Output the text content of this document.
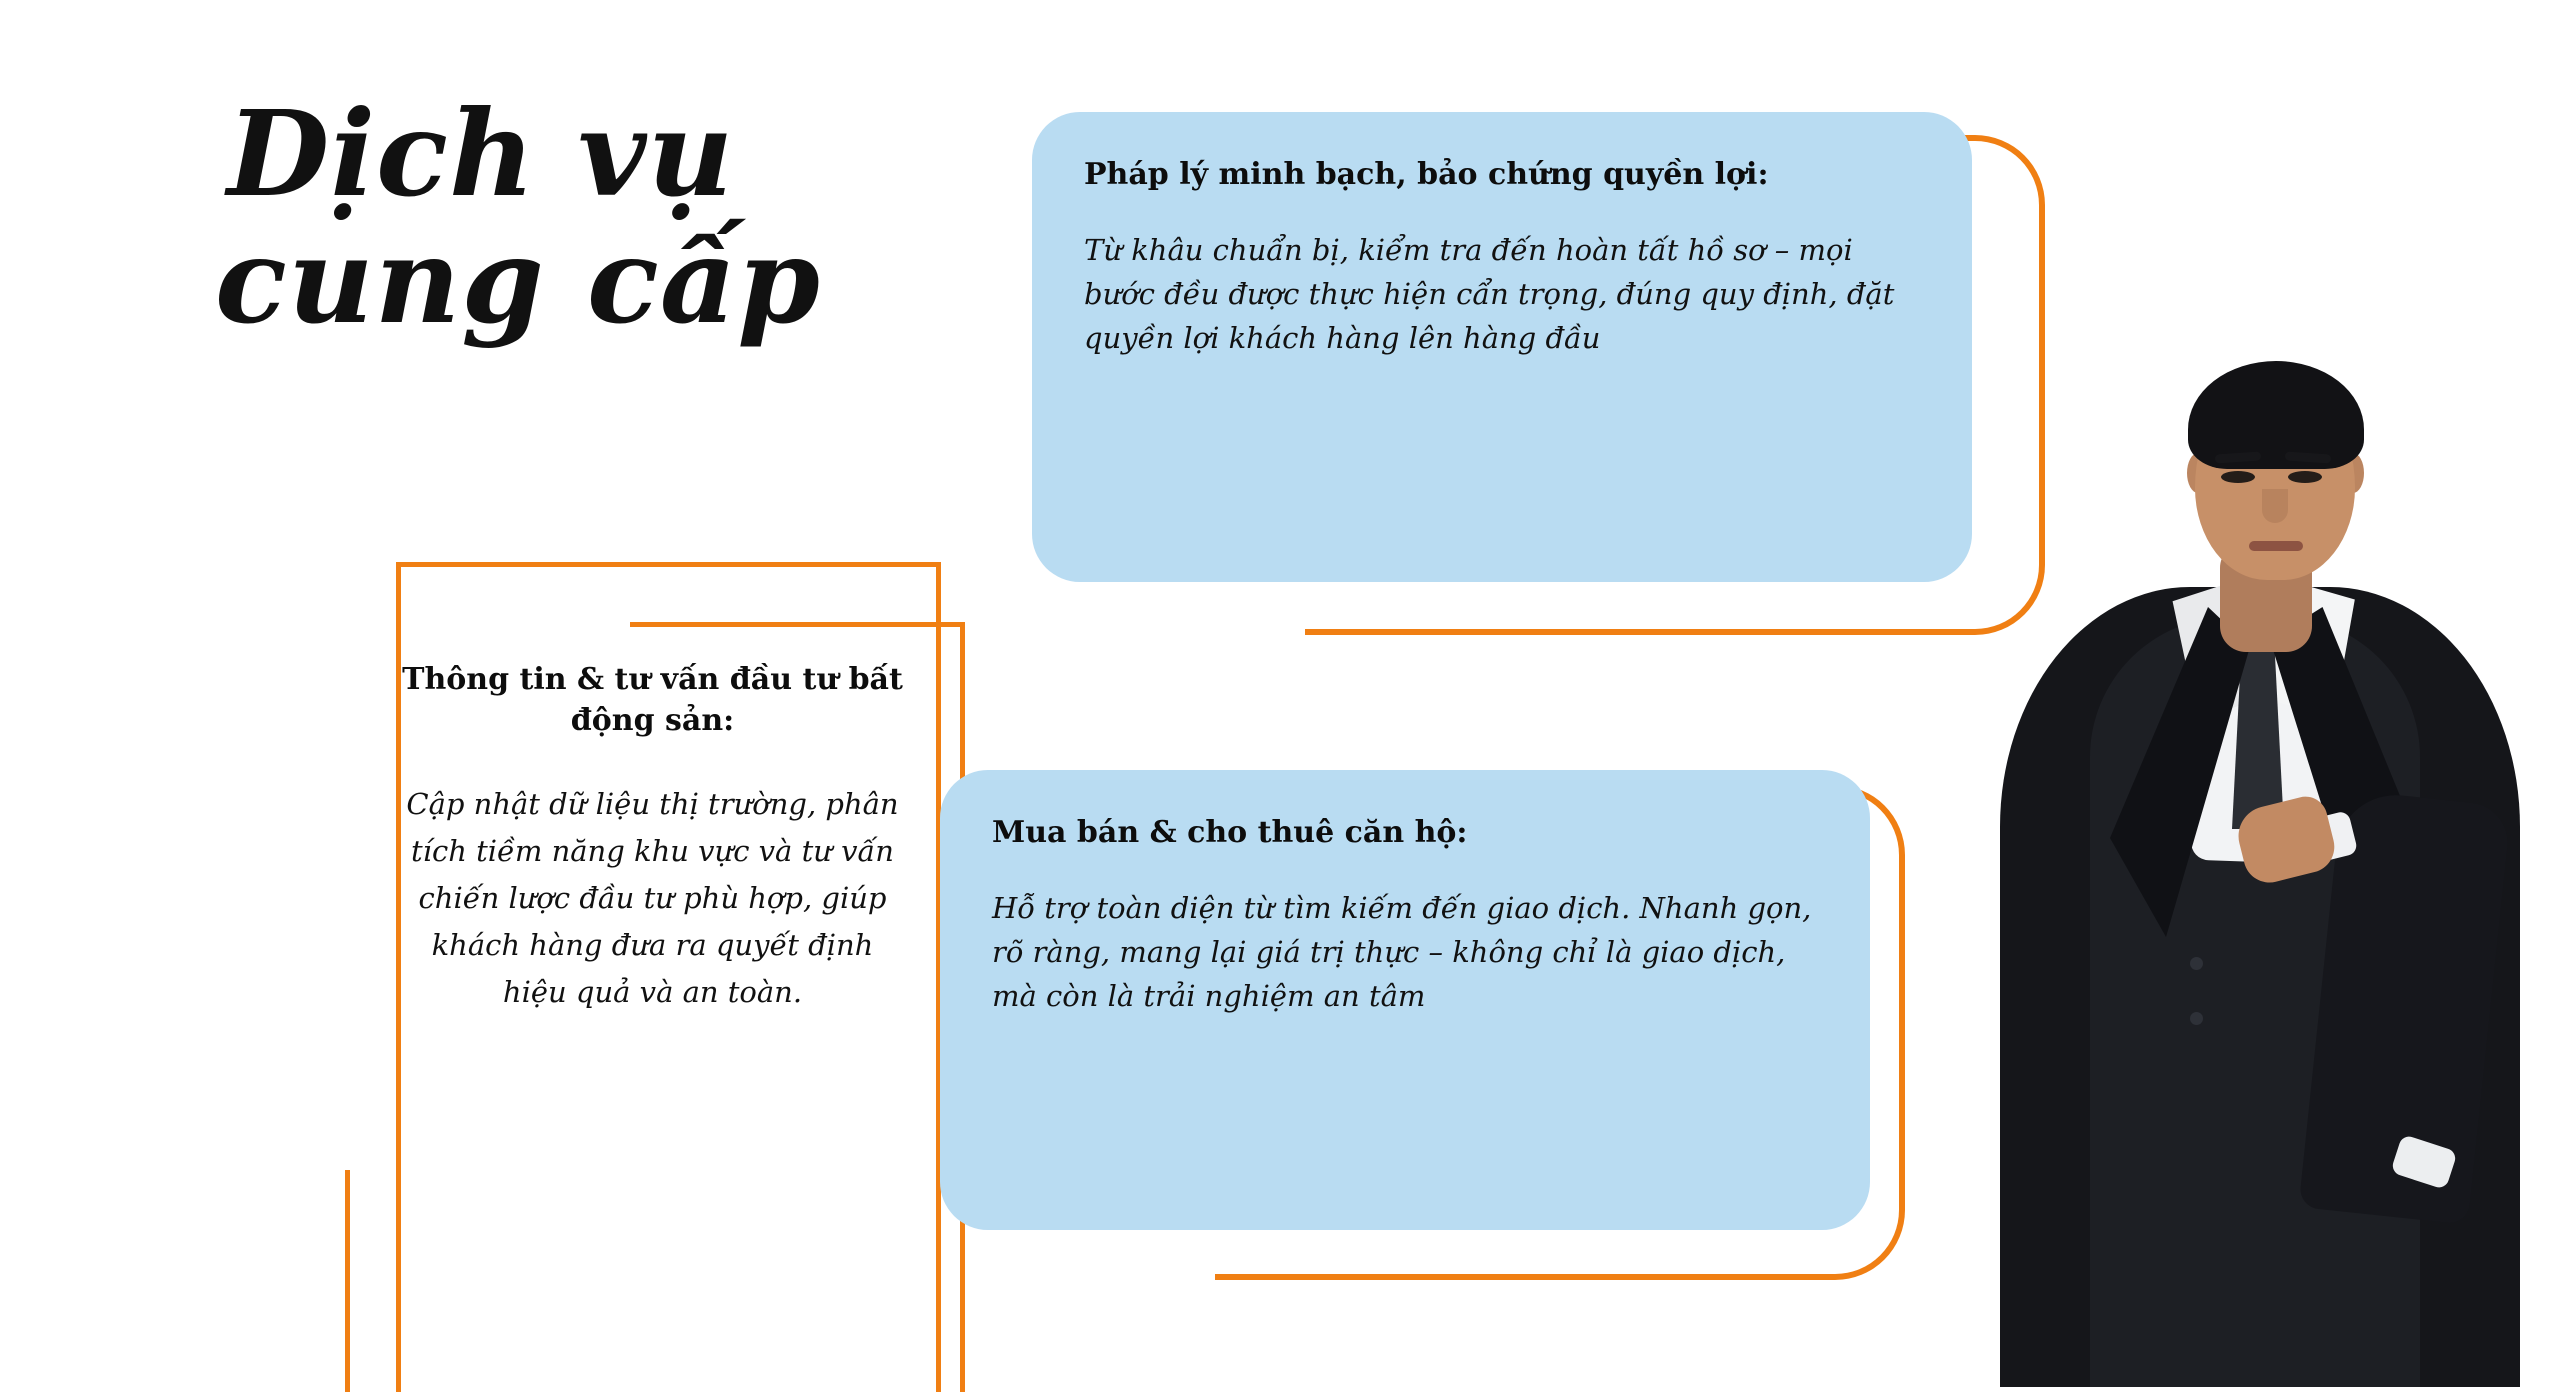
Dịch vụ
cung cấp

Pháp lý minh bạch, bảo chứng quyền lợi:

Từ khâu chuẩn bị, kiểm tra đến hoàn tất hồ sơ – mọi bước đều được thực hiện cẩn trọng, đúng quy định, đặt quyền lợi khách hàng lên hàng đầu

Thông tin & tư vấn đầu tư bất động sản:

Cập nhật dữ liệu thị trường, phân tích tiềm năng khu vực và tư vấn chiến lược đầu tư phù hợp, giúp khách hàng đưa ra quyết định hiệu quả và an toàn.

Mua bán & cho thuê căn hộ:

Hỗ trợ toàn diện từ tìm kiếm đến giao dịch. Nhanh gọn, rõ ràng, mang lại giá trị thực – không chỉ là giao dịch, mà còn là trải nghiệm an tâm
